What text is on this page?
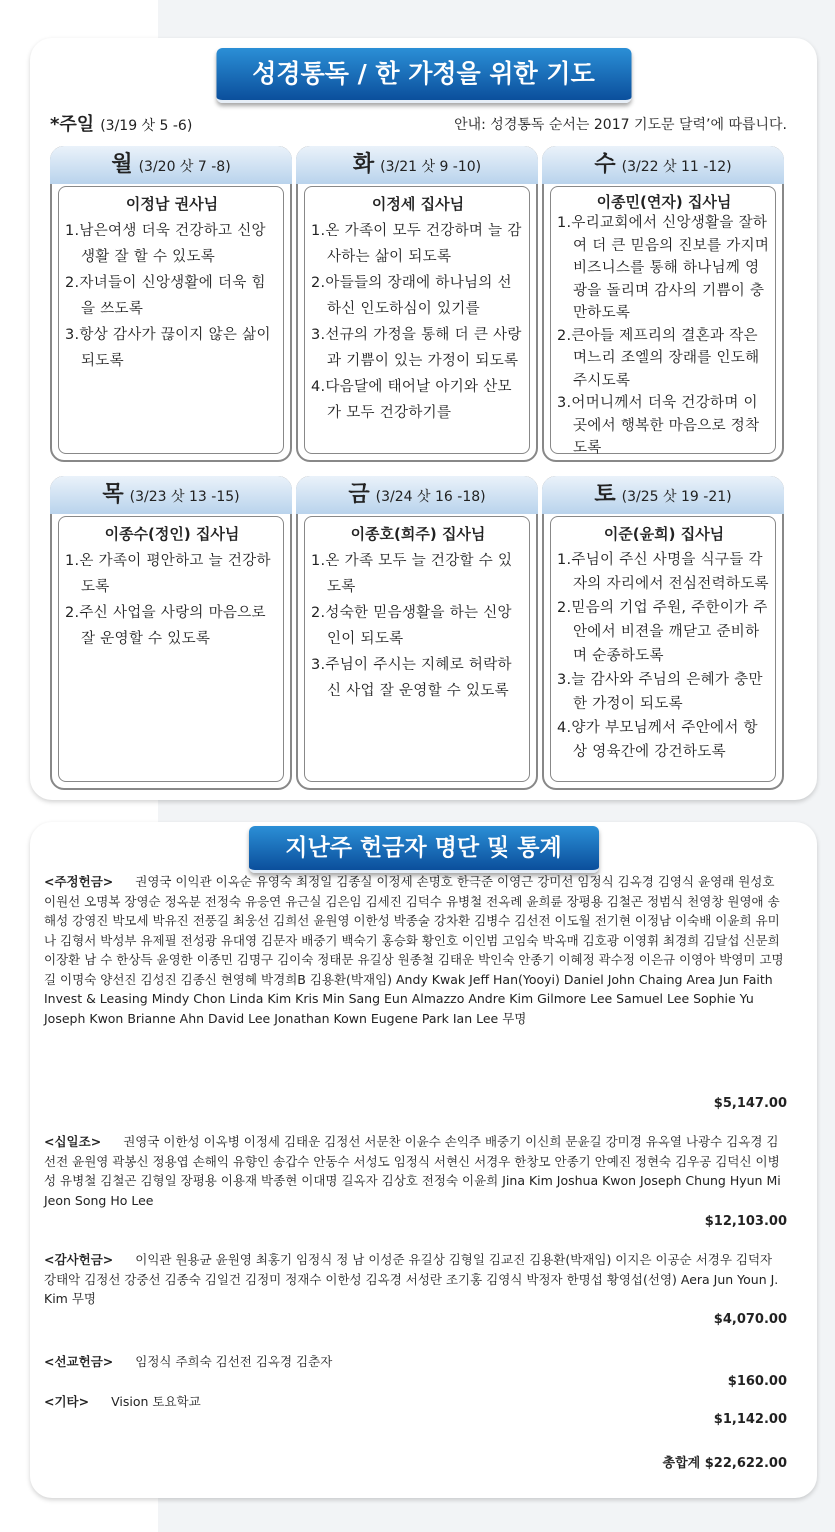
성경통독 / 한 가정을 위한 기도
*주일 (3/19 삿 5 -6)	안내: 성경통독 순서는 2017 기도문 달력’에 따릅니다.
월 (3/20 삿 7 -8)
이정남 권사님
1.남은여생 더욱 건강하고 신앙생활 잘 할 수 있도록
2.자녀들이 신앙생활에 더욱 힘을 쓰도록
3.항상 감사가 끊이지 않은 삶이 되도록
화 (3/21 삿 9 -10)
이정세 집사님
1.온 가족이 모두 건강하며 늘 감사하는 삶이 되도록
2.아들들의 장래에 하나님의 선하신 인도하심이 있기를
3.선규의 가정을 통해 더 큰 사랑과 기쁨이 있는 가정이 되도록
4.다음달에 태어날 아기와 산모가 모두 건강하기를
수 (3/22 삿 11 -12)
이종민(연자) 집사님
1.우리교회에서 신앙생활을 잘하여 더 큰 믿음의 진보를 가지며 비즈니스를 통해 하나님께 영광을 돌리며 감사의 기쁨이 충만하도록
2.큰아들 제프리의 결혼과 작은며느리 조엘의 장래를 인도해 주시도록
3.어머니께서 더욱 건강하며 이곳에서 행복한 마음으로 정착도록
목 (3/23 삿 13 -15)
이종수(정인) 집사님
1.온 가족이 평안하고 늘 건강하도록
2.주신 사업을 사랑의 마음으로 잘 운영할 수 있도록
금 (3/24 삿 16 -18)
이종호(희주) 집사님
1.온 가족 모두 늘 건강할 수 있도록
2.성숙한 믿음생활을 하는 신앙인이 되도록
3.주님이 주시는 지혜로 허락하신 사업 잘 운영할 수 있도록
토 (3/25 삿 19 -21)
이준(윤희) 집사님
1.주님이 주신 사명을 식구들 각자의 자리에서 전심전력하도록
2.믿음의 기업 주원, 주한이가 주안에서 비젼을 깨닫고 준비하며 순종하도록
3.늘 감사와 주님의 은혜가 충만한 가정이 되도록
4.양가 부모님께서 주안에서 항상 영육간에 강건하도록
지난주 헌금자 명단 및 통계
<주정헌금> 권영국 이익관 이옥순 유영숙 최정일 김종실 이정세 손명호 한극준 이영근 강미선 임정식 김옥경 김영식 윤영래 원성호 이원선 오명복 장영순 정옥분 전정숙 유응연 유근실 김은임 김세진 김덕수 유병철 전옥례 윤희륜 장평용 김철곤 정범식 천영창 원영애 송해성 강영진 박모세 박유진 전풍길 최웅선 김희선 윤원영 이한성 박종술 강차환 김병수 김선전 이도월 전기현 이정남 이숙배 이윤희 유미나 김형서 박성부 유제필 전성광 유대영 김문자 배중기 백숙기 홍승화 황인호 이인범 고임숙 박옥매 김호광 이영휘 최경희 김달섭 신문희 이장환 남 수 한상득 윤영한 이종민 김명구 김이숙 정태문 유길상 원종철 김태운 박인숙 안종기 이혜정 곽수정 이은규 이영아 박영미 고명길 이명숙 양선진 김성진 김종신 현영혜 박경희B 김용환(박재임) Andy Kwak Jeff Han(Yooyi) Daniel John Chaing Area Jun Faith Invest & Leasing Mindy Chon Linda Kim Kris Min Sang Eun Almazzo Andre Kim Gilmore Lee Samuel Lee Sophie Yu Joseph Kwon Brianne Ahn David Lee Jonathan Kown Eugene Park Ian Lee 무명
$5,147.00
<십일조> 권영국 이한성 이옥병 이정세 김태운 김정선 서문찬 이윤수 손익주 배중기 이신희 문윤길 강미경 유옥열 나광수 김옥경 김선전 윤원영 곽봉신 정용엽 손해익 유향인 송갑수 안동수 서성도 임정식 서현신 서경우 한창모 안종기 안예진 정현숙 김우공 김덕신 이병성 유병철 김철곤 김형일 장평용 이용재 박종현 이대명 길옥자 김상호 전정숙 이윤희 Jina Kim Joshua Kwon Joseph Chung Hyun Mi Jeon Song Ho Lee
$12,103.00
<감사헌금> 이익관 원용균 윤원영 최홍기 임정식 정 남 이성준 유길상 김형일 김교진 김용환(박재임) 이지은 이공순 서경우 김덕자 강태악 김정선 강중선 김종숙 김일건 김정미 정재수 이한성 김옥경 서성란 조기홍 김영식 박정자 한명섭 황영섭(선영) Aera Jun Youn J. Kim 무명
$4,070.00
<선교헌금> 임정식 주희숙 김선전 김옥경 김춘자
$160.00
<기타> Vision 토요학교
$1,142.00
총합계 $22,622.00
